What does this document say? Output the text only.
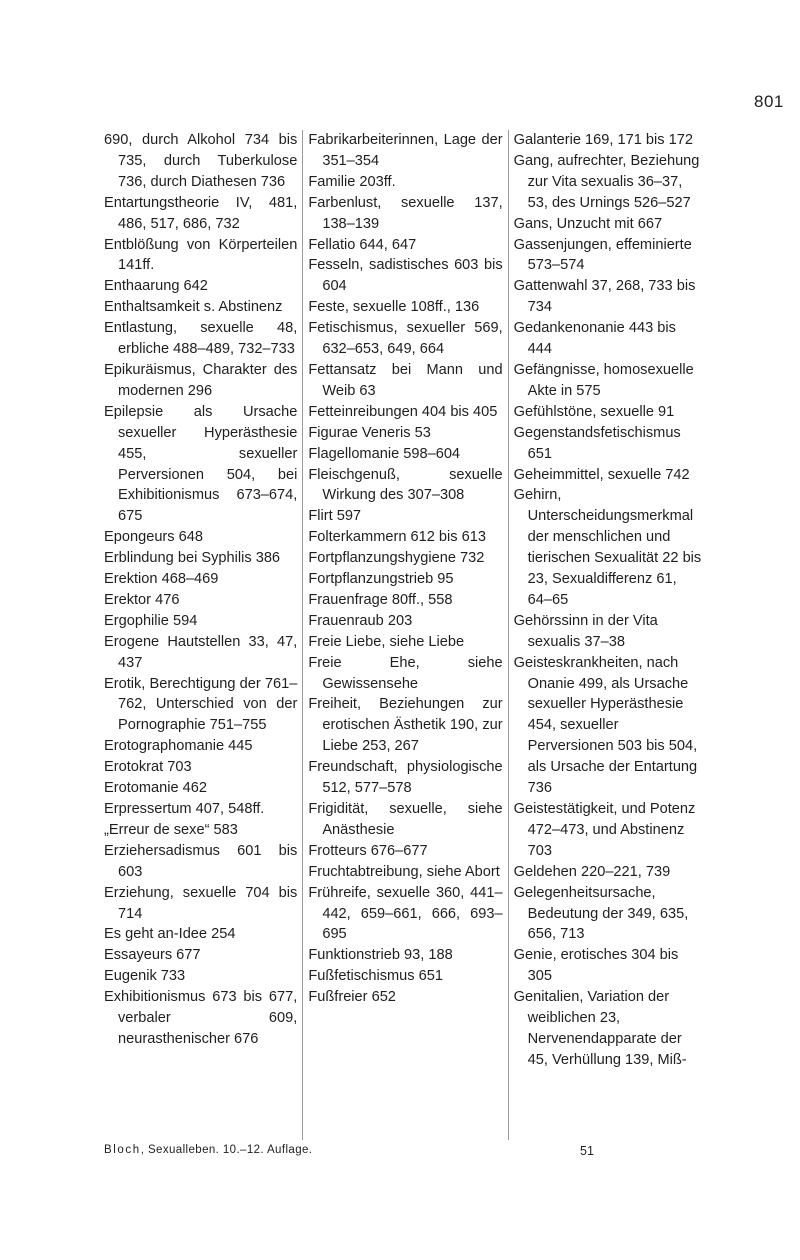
801

690, durch Alkohol 734 bis 735, durch Tuberkulose 736, durch Diathesen 736

Entartungstheorie IV, 481, 486, 517, 686, 732

Entblößung von Körperteilen 141ff.

Enthaarung 642

Enthaltsamkeit s. Abstinenz

Entlastung, sexuelle 48, erbliche 488–489, 732–733

Epikuräismus, Charakter des modernen 296

Epilepsie als Ursache sexueller Hyperästhesie 455, sexueller Perversionen 504, bei Exhibitionismus 673–674, 675

Epongeurs 648

Erblindung bei Syphilis 386

Erektion 468–469

Erektor 476

Ergophilie 594

Erogene Hautstellen 33, 47, 437

Erotik, Berechtigung der 761–762, Unterschied von der Pornographie 751–755

Erotographomanie 445

Erotokrat 703

Erotomanie 462

Erpressertum 407, 548ff.

„Erreur de sexe“ 583

Erziehersadismus 601 bis 603

Erziehung, sexuelle 704 bis 714

Es geht an-Idee 254

Essayeurs 677

Eugenik 733

Exhibitionismus 673 bis 677, verbaler 609, neurasthenischer 676

Fabrikarbeiterinnen, Lage der 351–354

Familie 203ff.

Farbenlust, sexuelle 137, 138–139

Fellatio 644, 647

Fesseln, sadistisches 603 bis 604

Feste, sexuelle 108ff., 136

Fetischismus, sexueller 569, 632–653, 649, 664

Fettansatz bei Mann und Weib 63

Fetteinreibungen 404 bis 405

Figurae Veneris 53

Flagellomanie 598–604

Fleischgenuß, sexuelle Wirkung des 307–308

Flirt 597

Folterkammern 612 bis 613

Fortpflanzungshygiene 732

Fortpflanzungstrieb 95

Frauenfrage 80ff., 558

Frauenraub 203

Freie Liebe, siehe Liebe

Freie Ehe, siehe Gewissensehe

Freiheit, Beziehungen zur erotischen Ästhetik 190, zur Liebe 253, 267

Freundschaft, physiologische 512, 577–578

Frigidität, sexuelle, siehe Anästhesie

Frotteurs 676–677

Fruchtabtreibung, siehe Abort

Frühreife, sexuelle 360, 441–442, 659–661, 666, 693–695

Funktionstrieb 93, 188

Fußfetischismus 651

Fußfreier 652

Galanterie 169, 171 bis 172

Gang, aufrechter, Beziehung zur Vita sexualis 36–37, 53, des Urnings 526–527

Gans, Unzucht mit 667

Gassenjungen, effeminierte 573–574

Gattenwahl 37, 268, 733 bis 734

Gedankenonanie 443 bis 444

Gefängnisse, homosexuelle Akte in 575

Gefühlstöne, sexuelle 91

Gegenstandsfetischismus 651

Geheimmittel, sexuelle 742

Gehirn, Unterscheidungsmerkmal der menschlichen und tierischen Sexualität 22 bis 23, Sexualdifferenz 61, 64–65

Gehörssinn in der Vita sexualis 37–38

Geisteskrankheiten, nach Onanie 499, als Ursache sexueller Hyperästhesie 454, sexueller Perversionen 503 bis 504, als Ursache der Entartung 736

Geistestätigkeit, und Potenz 472–473, und Abstinenz 703

Geldehen 220–221, 739

Gelegenheitsursache, Bedeutung der 349, 635, 656, 713

Genie, erotisches 304 bis 305

Genitalien, Variation der weiblichen 23, Nervenendapparate der 45, Verhüllung 139, Miß-

Bloch, Sexualleben. 10.–12. Auflage.	51
